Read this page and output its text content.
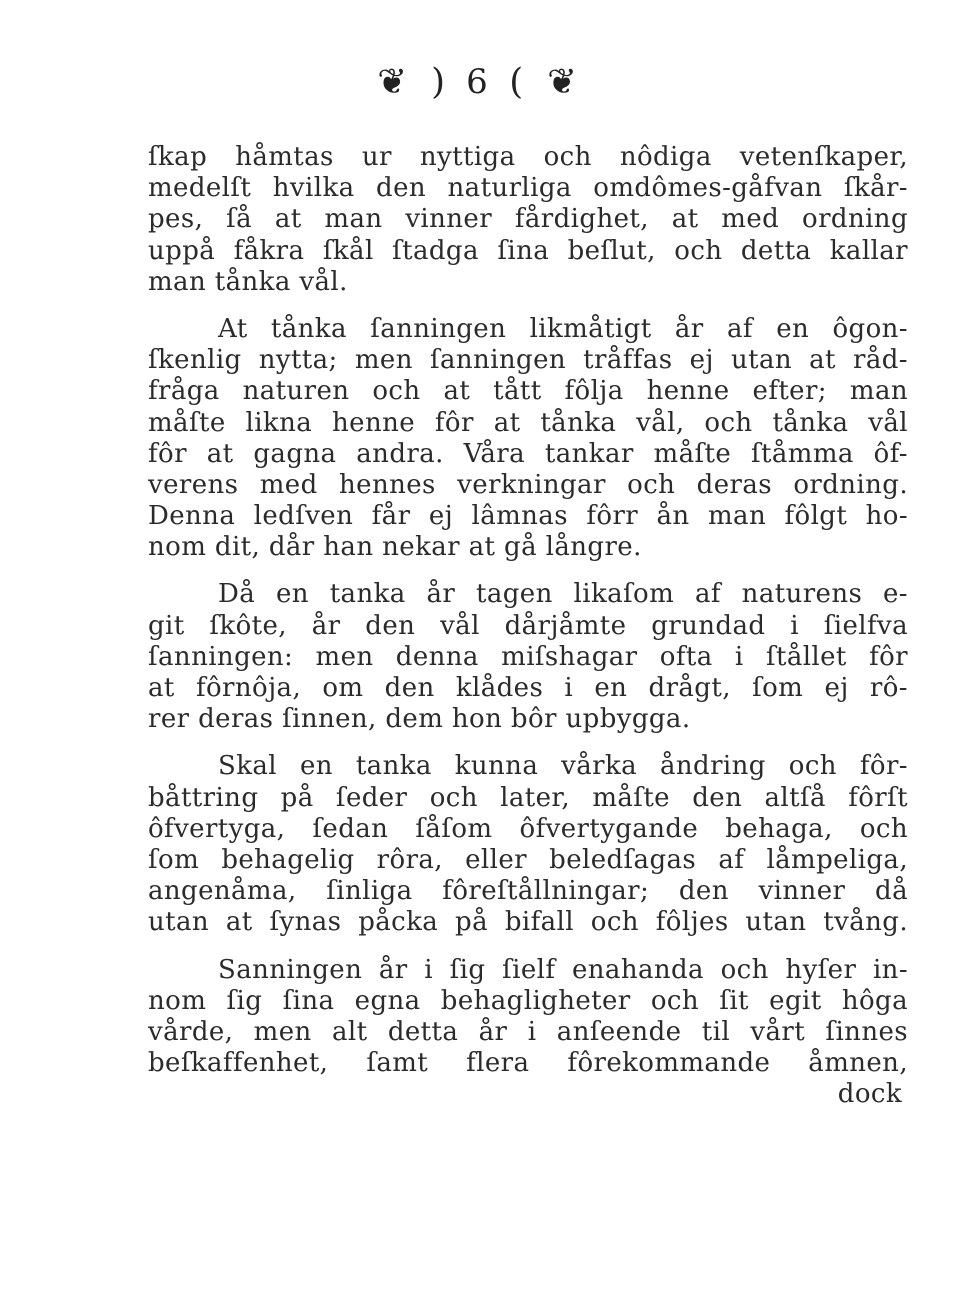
❦ ) 6 ( ❦
ſkap håmtas ur nyttiga och nôdiga vetenſkaper,
medelſt hvilka den naturliga omdômes-gåfvan ſkår-
pes, ſå at man vinner fårdighet, at med ordning
uppå fåkra ſkål ſtadga ſina beſlut, och detta kallar
man tånka vål.
At tånka ſanningen likmåtigt år af en ôgon-
ſkenlig nytta; men ſanningen tråffas ej utan at råd-
fråga naturen och at tått fôlja henne efter; man
måſte likna henne fôr at tånka vål, och tånka vål
fôr at gagna andra. Våra tankar måſte ſtåmma ôf-
verens med hennes verkningar och deras ordning.
Denna ledſven får ej lâmnas fôrr ån man fôlgt ho-
nom dit, dår han nekar at gå långre.
Då en tanka år tagen likaſom af naturens e-
git ſkôte, år den vål dårjåmte grundad i ſielfva
ſanningen: men denna miſshagar ofta i ſtållet fôr
at fôrnôja, om den klådes i en drågt, ſom ej rô-
rer deras ſinnen, dem hon bôr upbygga.
Skal en tanka kunna vårka åndring och fôr-
båttring på ſeder och later, måſte den altſå fôrſt
ôfvertyga, ſedan ſåſom ôfvertygande behaga, och
ſom behagelig rôra, eller beledſagas af låmpeliga,
angenåma, ſinliga fôreſtållningar; den vinner då
utan at ſynas påcka på bifall och fôljes utan tvång.
Sanningen år i ſig ſielf enahanda och hyſer in-
nom ſig ſina egna behagligheter och ſit egit hôga
vårde, men alt detta år i anſeende til vårt ſinnes
beſkaffenhet, ſamt flera fôrekommande åmnen,
dock
